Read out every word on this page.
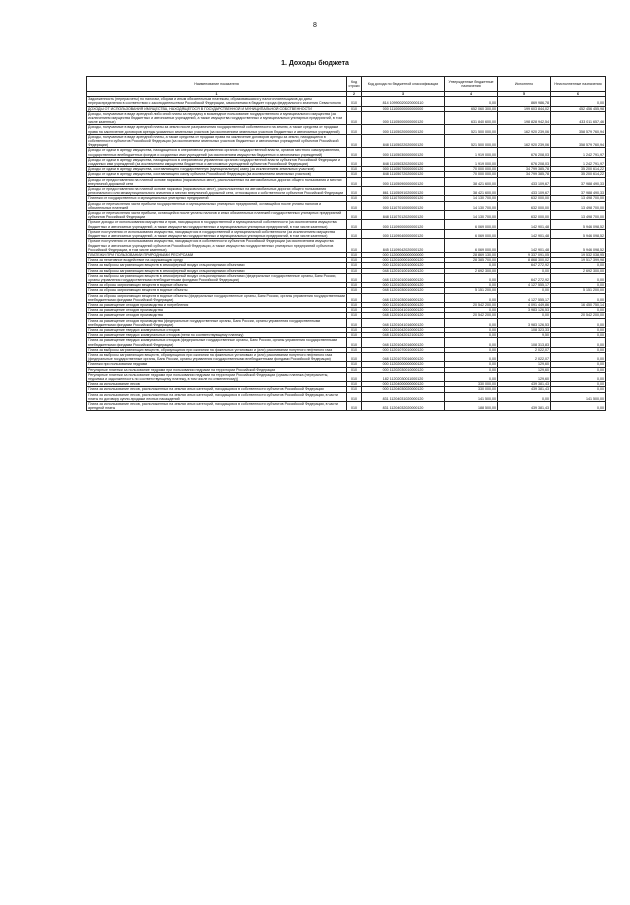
8
1. Доходы бюджета
Наименование показателя	Код строки	Код дохода по бюджетной классификации	Утвержденные бюджетные назначения	Исполнено	Неисполненные назначения
1	2	3	4	5	6
Задолженность (перерасчеты) по налогам, сборам и иным обязательным платежам, образовавшаяся у налогоплательщиков до даты перераспределения в соответствии с законодательством Российской Федерации, зачисляемая в бюджет города федерального значения Севастополя	010	814 10990020020000110	0,00	869 986,78	0,00
ДОХОДЫ ОТ ИСПОЛЬЗОВАНИЯ ИМУЩЕСТВА, НАХОДЯЩЕГОСЯ В ГОСУДАРСТВЕННОЙ И МУНИЦИПАЛЬНОЙ СОБСТВЕННОСТИ	010	000 11100000000000000	652 060 300,00	199 603 844,02	452 456 455,98
Доходы, получаемые в виде арендной либо иной платы за передачу в возмездное пользование государственного и муниципального имущества (за исключением имущества бюджетных и автономных учреждений, а также имущества государственных и муниципальных унитарных предприятий, в том числе казенных)	010	000 11105000000000120	631 840 600,00	198 828 942,54	433 011 657,46
Доходы, получаемые в виде арендной платы за земли после разграничения государственной собственности на землю, а также средства от продажи права на заключение договоров аренды указанных земельных участков (за исключением земельных участков бюджетных и автономных учреждений)	010	000 11105020000000120	521 500 000,00	162 920 239,06	358 579 760,94
Доходы, получаемые в виде арендной платы, а также средства от продажи права на заключение договоров аренды за земли, находящиеся в собственности субъектов Российской Федерации (за исключением земельных участков бюджетных и автономных учреждений субъектов Российской Федерации)	010	848 11105022020000120	521 500 000,00	162 920 239,06	358 579 760,94
Доходы от сдачи в аренду имущества, находящегося в оперативном управлении органов государственной власти, органов местного самоуправления, государственных внебюджетных фондов и созданных ими учреждений (за исключением имущества бюджетных и автономных учреждений)	010	000 11105030000000120	1 919 000,00	676 208,03	1 242 791,97
Доходы от сдачи в аренду имущества, находящегося в оперативном управлении органов государственной власти субъектов Российской Федерации и созданных ими учреждений (за исключением имущества бюджетных и автономных учреждений субъектов Российской Федерации)	010	848 11105032020000120	1 919 000,00	676 208,03	1 242 791,97
Доходы от сдачи в аренду имущества, составляющего государственную (муниципальную) казну (за исключением земельных участков)	010	000 11105070000000120	70 000 000,00	34 799 385,78	35 200 614,22
Доходы от сдачи в аренду имущества, составляющего казну субъекта Российской Федерации (за исключением земельных участков)	010	848 11105072020000120	70 000 000,00	34 799 385,78	35 200 614,22
Доходы от предоставления на платной основе парковок (парковочных мест), расположенных на автомобильных дорогах общего пользования и местах внеуличной дорожной сети	010	000 11105090000000120	38 421 600,00	433 109,67	37 988 490,33
Доходы от предоставления на платной основе парковок (парковочных мест), расположенных на автомобильных дорогах общего пользования регионального или межмуниципального значения и местах внеуличной дорожной сети, относящихся к собственности субъектов Российской Федерации	010	861 11105091020000120	38 421 600,00	433 109,67	37 988 490,33
Платежи от государственных и муниципальных унитарных предприятий	010	000 11107000000000120	14 130 700,00	632 000,00	13 498 700,00
Доходы от перечисления части прибыли государственных и муниципальных унитарных предприятий, остающейся после уплаты налогов и обязательных платежей	010	000 11107010000000120	14 130 700,00	632 000,00	13 498 700,00
Доходы от перечисления части прибыли, остающейся после уплаты налогов и иных обязательных платежей государственных унитарных предприятий субъектов Российской Федерации	010	848 11107012020000120	14 130 700,00	632 000,00	13 498 700,00
Прочие доходы от использования имущества и прав, находящихся в государственной и муниципальной собственности (за исключением имущества бюджетных и автономных учреждений, а также имущества государственных и муниципальных унитарных предприятий, в том числе казенных)	010	000 11109000000000120	6 069 000,00	142 901,48	5 946 098,52
Прочие поступления от использования имущества, находящегося в государственной и муниципальной собственности (за исключением имущества бюджетных и автономных учреждений, а также имущества государственных и муниципальных унитарных предприятий, в том числе казенных)	010	000 11109040000000120	6 069 000,00	142 901,48	5 946 098,52
Прочие поступления от использования имущества, находящегося в собственности субъектов Российской Федерации (за исключением имущества бюджетных и автономных учреждений субъектов Российской Федерации, а также имущества государственных унитарных предприятий субъектов Российской Федерации, в том числе казенных)	010	845 11109042020000120	6 069 000,00	142 901,48	5 946 098,52
ПЛАТЕЖИ ПРИ ПОЛЬЗОВАНИИ ПРИРОДНЫМИ РЕСУРСАМИ	010	000 11200000000000000	28 869 130,00	9 337 091,05	19 532 038,95
Плата за негативное воздействие на окружающую среду	010	000 11201000010000120	28 385 700,00	8 868 300,02	19 517 399,98
Плата за выбросы загрязняющих веществ в атмосферный воздух стационарными объектами	010	000 11201010010000120	0,00	647 272,92	0,00
Плата за выбросы загрязняющих веществ в атмосферный воздух стационарными объектами	010	048 11201010010000120	2 692 300,00	0,00	2 692 300,00
Плата за выбросы загрязняющих веществ в атмосферный воздух стационарными объектами (федеральные государственные органы, Банк России, органы управления государственными внебюджетными фондами Российской Федерации)	010	048 11201010016000120	0,00	647 272,92	0,00
Плата за сбросы загрязняющих веществ в водные объекты	010	000 11201030010000120	0,00	4 127 555,17	0,00
Плата за сбросы загрязняющих веществ в водные объекты	010	048 11201030010000120	5 151 200,00	0,00	5 151 200,00
Плата за сбросы загрязняющих веществ в водные объекты (федеральные государственные органы, Банк России, органы управления государственными внебюджетными фондами Российской Федерации)	010	048 11201030016000120	0,00	4 127 555,17	0,00
Плата за размещение отходов производства и потребления	010	000 11201040010000120	20 542 200,00	4 091 449,86	16 450 750,14
Плата за размещение отходов производства	010	000 11201041010000120	0,00	3 983 126,53	0,00
Плата за размещение отходов производства	010	048 11201041010000120	20 542 200,00	0,00	20 542 200,00
Плата за размещение отходов производства (федеральные государственные органы, Банк России, органы управления государственными внебюджетными фондами Российской Федерации)	010	048 11201041016000120	0,00	3 983 126,53	0,00
Плата за размещение твердых коммунальных отходов	010	000 11201042010000120	0,00	108 323,33	0,00
Плата за размещение твердых коммунальных отходов (пени по соответствующему платежу)	010	048 11201042012100120	0,00	9,50	0,00
Плата за размещение твердых коммунальных отходов (федеральные государственные органы, Банк России, органы управления государственными внебюджетными фондами Российской Федерации)	010	048 11201042016000120	0,00	108 313,83	0,00
Плата за выбросы загрязняющих веществ, образующихся при сжигании на факельных установках и (или) рассеивании попутного нефтяного газа	010	000 11201070010000120	0,00	2 022,07	0,00
Плата за выбросы загрязняющих веществ, образующихся при сжигании на факельных установках и (или) рассеивании попутного нефтяного газа (федеральные государственные органы, Банк России, органы управления государственными внебюджетными фондами Российской Федерации)	010	048 11201070016000120	0,00	2 022,07	0,00
Платежи при пользовании недрами	010	000 11202000000000120	0,00	129,60	0,00
Регулярные платежи за пользование недрами при пользовании недрами на территории Российской Федерации	010	000 11202030010000120	0,00	129,60	0,00
Регулярные платежи за пользование недрами при пользовании недрами на территории Российской Федерации (суммы платежа (перерасчеты, недоимка и задолженность по соответствующему платежу, в том числе по отмененному))	010	182 11202030011000120	0,00	129,60	0,00
Плата за использование лесов	010	000 11204000000000120	330 000,00	439 381,43	0,00
Плата за использование лесов, расположенных на землях иных категорий, находящихся в собственности субъектов Российской Федерации	010	000 11204030020000120	330 000,00	439 381,43	0,00
Плата за использование лесов, расположенных на землях иных категорий, находящихся в собственности субъектов Российской Федерации, в части платы по договору купли-продажи лесных насаждений	010	831 11204031020000120	141 500,00	0,00	141 500,00
Плата за использование лесов, расположенных на землях иных категорий, находящихся в собственности субъектов Российской Федерации, в части арендной платы	010	831 11204032020000120	188 500,00	439 381,43	0,00
